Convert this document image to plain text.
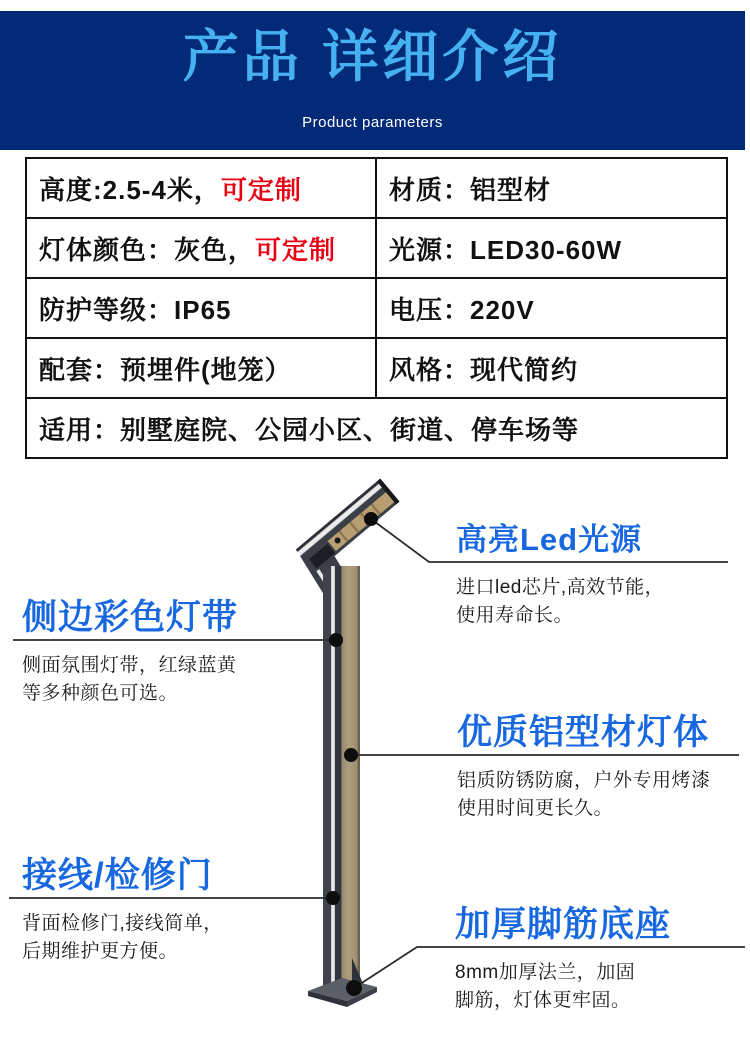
产品 详细介绍
Product parameters
高度:2.5-4米，可定制	材质：铝型材
灯体颜色：灰色，可定制	光源：LED30-60W
防护等级：IP65	电压：220V
配套：预埋件(地笼）	风格：现代简约
适用：别墅庭院、公园小区、街道、停车场等	
高亮Led光源
进口led芯片,高效节能，
使用寿命长。
侧边彩色灯带
侧面氛围灯带，红绿蓝黄
等多种颜色可选。
优质铝型材灯体
铝质防锈防腐，户外专用烤漆
使用时间更长久。
接线/检修门
背面检修门,接线简单，
后期维护更方便。
加厚脚筋底座
8mm加厚法兰，加固
脚筋，灯体更牢固。
